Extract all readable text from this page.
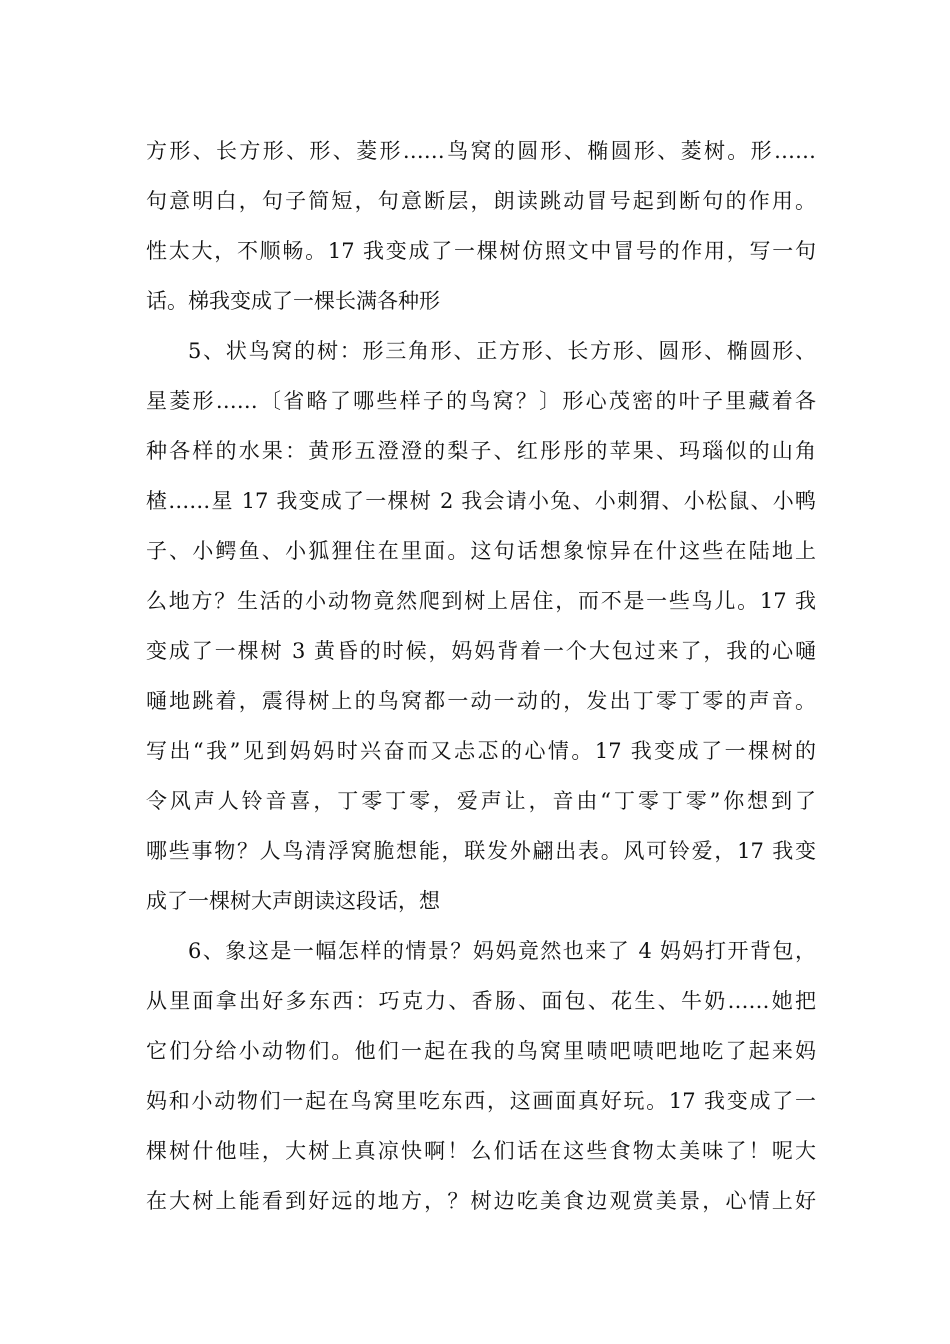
方形、长方形、形、菱形……鸟窝的圆形、椭圆形、菱树。形……
句意明白，句子简短，句意断层，朗读跳动冒号起到断句的作用。
性太大，不顺畅。17 我变成了一棵树仿照文中冒号的作用，写一句
话。梯我变成了一棵长满各种形
5、状鸟窝的树：形三角形、正方形、长方形、圆形、椭圆形、
星菱形……〔省略了哪些样子的鸟窝？〕形心茂密的叶子里藏着各
种各样的水果：黄形五澄澄的梨子、红彤彤的苹果、玛瑙似的山角
楂……星 17 我变成了一棵树 2 我会请小兔、小刺猬、小松鼠、小鸭
子、小鳄鱼、小狐狸住在里面。这句话想象惊异在什这些在陆地上
么地方？生活的小动物竟然爬到树上居住，而不是一些鸟儿。17 我
变成了一棵树 3 黄昏的时候，妈妈背着一个大包过来了，我的心嗵
嗵地跳着，震得树上的鸟窝都一动一动的，发出丁零丁零的声音。
写出“我”见到妈妈时兴奋而又忐忑的心情。17 我变成了一棵树的
令风声人铃音喜，丁零丁零，爱声让，音由“丁零丁零”你想到了
哪些事物？人鸟清浮窝脆想能，联发外翩出表。风可铃爱，17 我变
成了一棵树大声朗读这段话，想
6、象这是一幅怎样的情景？妈妈竟然也来了 4 妈妈打开背包，
从里面拿出好多东西：巧克力、香肠、面包、花生、牛奶……她把
它们分给小动物们。他们一起在我的鸟窝里啧吧啧吧地吃了起来妈
妈和小动物们一起在鸟窝里吃东西，这画面真好玩。17 我变成了一
棵树什他哇，大树上真凉快啊！么们话在这些食物太美味了！呢大
在大树上能看到好远的地方，？树边吃美食边观赏美景，心情上好
